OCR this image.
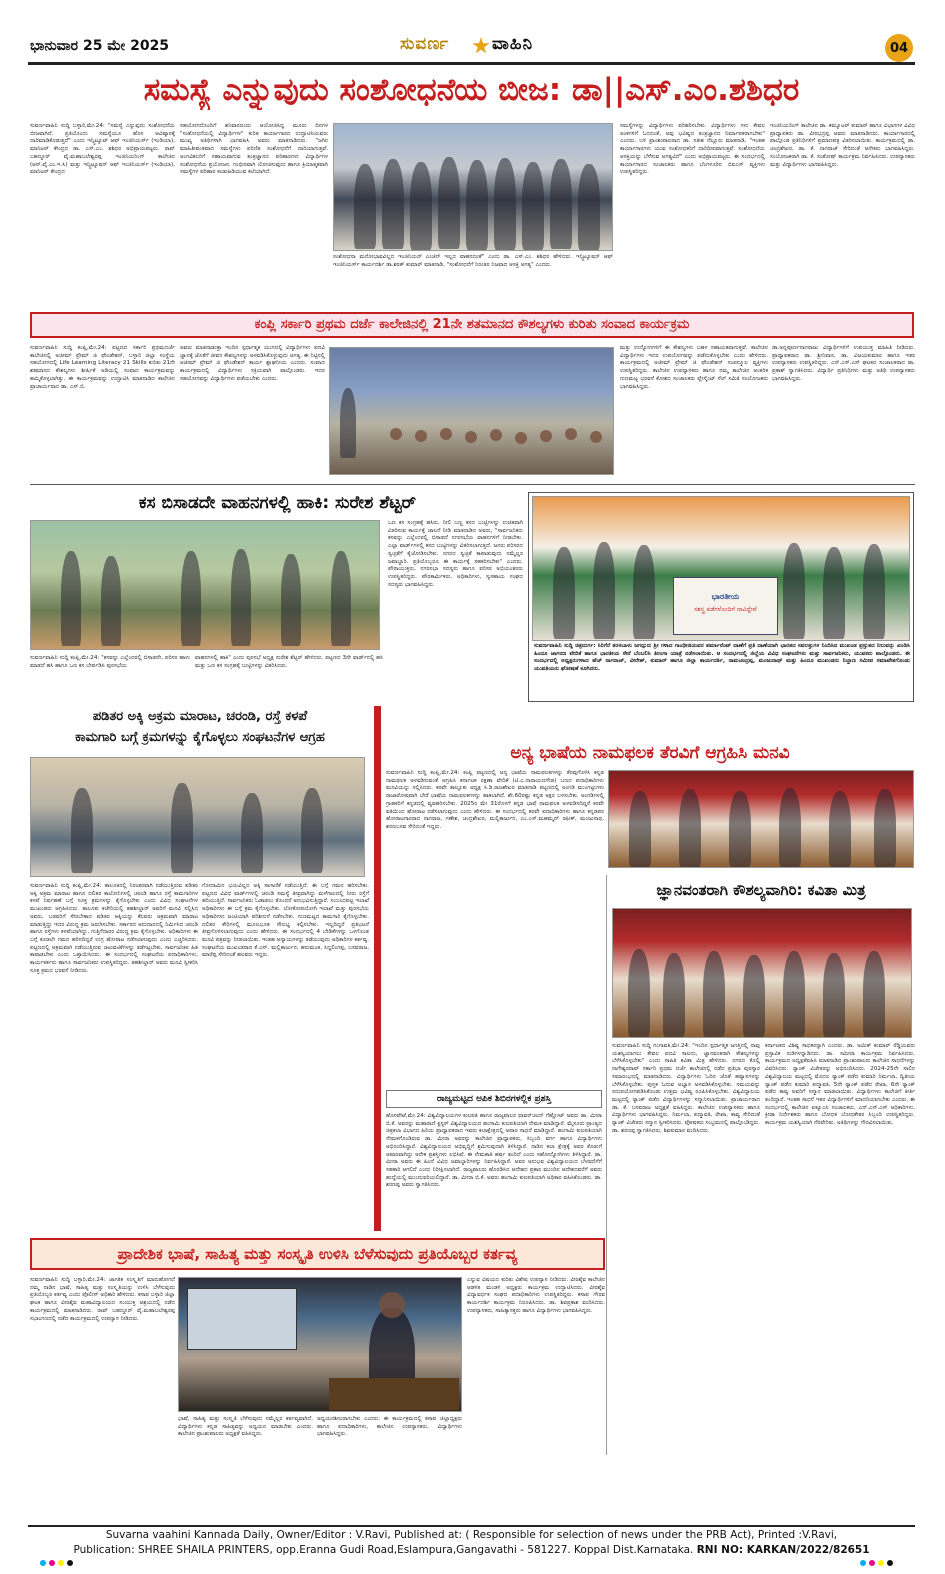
ಭಾನುವಾರ 25 ಮೇ 2025	ಸುವರ್ಣ	ವಾಹಿನಿ	04
ಸಮಸ್ಯೆ ಎನ್ನುವುದು ಸಂಶೋಧನೆಯ ಬೀಜ: ಡಾ||ಎಸ್.ಎಂ.ಶಶಿಧರ
ಸುವರ್ಣವಾಹಿನಿ ಸುದ್ದಿ ಬಳ್ಳಾರಿ,ಮೇ.24: "ಸಮಸ್ಯೆ ಎನ್ನುವುದು ಸಂಶೋಧನೆಯ ಬೀಜವಾಗಿದೆ. ಪ್ರತಿಯೊಂದು ಸಮಸ್ಯೆಯೂ ಹೊಸ ಆವಿಷ್ಕಾರಕ್ಕೆ ದಾರಿಮಾಡಿಕೊಡುತ್ತದೆ" ಎಂದು ಇನ್ಸ್ಟಿಟ್ಯೂಟ್ ಆಫ್ ಇಂಜಿನಿಯರ್ಸ್ (ಇಂಡಿಯಾ), ಮಾನಿಟರ್ ಕೇಂದ್ರದ ಡಾ. ಎಸ್.ಎಂ. ಶಶಿಧರ ಅಭಿಪ್ರಾಯಪಟ್ಟರು. ರಾವ್ ಬಹದ್ದೂರ್ ವೈ.ಮಹಾಬಲೇಶ್ವರಪ್ಪ ಇಂಜಿನಿಯರಿಂಗ್ ಕಾಲೇಜಿನ (ಆರ್.ವೈ.ಎಂ.ಇ.ಸಿ) ಮತ್ತು ಇನ್ಸ್ಟಿಟ್ಯೂಷನ್ ಆಫ್ ಇಂಜಿನಿಯರ್ಸ್ (ಇಂಡಿಯಾ), ಮಾನಿಟರ್ ಕೇಂದ್ರದ
ಸಹಯೋಗದೊಂದಿಗೆ ಶನಿವಾರದಂದು ಆಯೋಜಿಸಿದ್ದ ಮೂರು ದಿನಗಳ "ಸಂಶೋಧನೆಯಲ್ಲಿ ವಿದ್ಯಾರ್ಥಿಗಳ" ಕುರಿತ ಕಾರ್ಯಾಗಾರದ ಉದ್ಘಾಟಿಸಿಯವರು ಮುಖ್ಯ ಅತಿಥಿಗಳಾಗಿ ಭಾಗವಹಿಸಿ ಅವರು ಮಾತನಾಡಿದರು. "ಜಗಿನ ಮಾಹಿತೀವಂತವಾದ ಸಮಸ್ಯೆಗಳು ಪರಿಣಿತ ಸಂಶೋಧನೆಗೆ ದಾರಿಯಾಗುತ್ತವೆ. ಅಂಗವಿಕಲರಿಗೆ ಸಹಾಯವಾಗುವ ತಂತ್ರಜ್ಞಾನದ ಪರಿಹಾರಗಳು ವಿದ್ಯಾರ್ಥಿಗಳ ಸಂಶೋಧನೆಯ ಪ್ರಯೋಜನ. ಗಂಭೀರವಾಗಿ ಯೋಚಿಸುವುದು ಹಾಗೂ ಕ್ರಿಯಾತ್ಮಕವಾಗಿ ಸಮಸ್ಯೆಗಳ ಪರಿಹಾರ ಕಂಡುಹಿಡಿಯುವ ಕಲೆಯಾಗಿದೆ.
ಸಂಶೋಧನಾ ಮನೋಭಾವವಿಲ್ಲದ ಇಂಜಿನಿಯರ್ ಎಂಜಿನ್ ಇಲ್ಲದ ವಾಹನದಂತೆ" ಎಂದು ಡಾ. ಎಸ್.ಎಂ. ಶಶಿಧರ ಹೇಳಿದರು. ಇನ್ಸ್ಟಿಟ್ಯೂಷನ್ ಆಫ್ ಇಂಜಿನಿಯರ್ಸ್ ಕಾರ್ಯದರ್ಶಿ ಡಾ.ಶರತ್ ಕುಮಾರ್ ಮಾತನಾಡಿ, "ಸಂಶೋಧನೆಗೆ ನಿರಂತರ ನಿಜವಾದ ಆಸಕ್ತಿ ಅಗತ್ಯ" ಎಂದರು.
ಸಮಸ್ಯೆಗಳನ್ನು ವಿದ್ಯಾರ್ಥಿಗಳು ಪರಿಹರಿಸಬೇಕು. ವಿದ್ಯಾರ್ಥಿಗಳು ಗಳು ಕೇವಲ ಅಂಕಗಳಿಗೆ ಓದದಂತೆ, ಅವು ಭವಿಷ್ಯದ ತಂತ್ರಜ್ಞಾನದ ನಿರ್ಮಾಪಕರಾಗಬೇಕು" ಎಂದರು. ಬಳಿ ಪ್ರಾಂಶುಪಾಲರಾದ ಡಾ. ಸತೀಶ ನೆಲ್ಲೂರು ಮಾತನಾಡಿ, "ಇಂತಹ ಕಾರ್ಯಾಗಾರಗಳು ಯುವ ಸಂಶೋಧಕರಿಗೆ ದಾರಿದೀಪವಾಗುತ್ತವೆ. ಸಂಶೋಧನೆಯ ಆಸಕ್ತಿಯನ್ನು ಬೆಳೆಸುವ ಅಗತ್ಯವಿದೆ" ಎಂದು ಅಭಿಪ್ರಾಯಪಟ್ಟರು. ಈ ಸಂದರ್ಭದಲ್ಲಿ ಕಾರ್ಯಾಗಾರದ ಸಂಚಾಲಕರು ಹಾಗೂ ಬೆಂಗಳೂರಿನ ಬಿಐಎಸ್ ವ್ಯಕ್ತಿಗಳು ಉಪಸ್ಥಿತರಿದ್ದರು.
ಇಂಜಿನಿಯರಿಂಗ್ ಕಾಲೇಜಿನ ಡಾ. ಕಮ್ಯೂಟರ್ ಕುಮಾರ್ ಹಾಗೂ ವಿಭಾಗಗಳ ವಿವಿಧ ಪ್ರಾಧ್ಯಾಪಕರು ಡಾ. ವೀರಭದ್ರಪ್ಪ ಅವರು ಮಾತನಾಡಿದರು. ಕಾರ್ಯಾಗಾರದಲ್ಲಿ ಪಾಲ್ಗೊಂಡ ಪ್ರತಿನಿಧಿಗಳಿಗೆ ಪ್ರಮಾಣಪತ್ರ ವಿತರಿಸಲಾಯಿತು. ಕಾರ್ಯಕ್ರಮದಲ್ಲಿ ಡಾ. ಚಂದ್ರಶೇಖರ, ಡಾ. ಕೆ. ನಾಗರಾಜ್ ಸೇರಿದಂತೆ ಅನೇಕರು ಭಾಗವಹಿಸಿದ್ದರು. ಸಂಯೋಜಕರಾಗಿ ಡಾ. ಕೆ. ಸಂತೋಷ್ ಕಾರ್ಯಕ್ರಮ ನಿರ್ವಹಿಸಿದರು. ಉಪನ್ಯಾಸಕರು ಮತ್ತು ವಿದ್ಯಾರ್ಥಿಗಳು ಭಾಗವಹಿಸಿದ್ದರು.
ಕಂಪ್ಲಿ ಸರ್ಕಾರಿ ಪ್ರಥಮ ದರ್ಜೆ ಕಾಲೇಜಿನಲ್ಲಿ 21ನೇ ಶತಮಾನದ ಕೌಶಲ್ಯಗಳು ಕುರಿತು ಸಂವಾದ ಕಾರ್ಯಕ್ರಮ
ಸುವರ್ಣವಾಹಿನಿ ಸುದ್ದಿ ಕಂಪ್ಲಿ,ಮೇ.24: ಪಟ್ಟಣದ ಸರ್ಕಾರಿ ಪ್ರಥಮದರ್ಜೆ ಕಾಲೇಜಿನಲ್ಲಿ ಅಜೀಮ್ ಪ್ರೇಮ್ ಜಿ ಫೌಂಡೇಶನ್, ಬಳ್ಳಾರಿ ಜಿಲ್ಲಾ ಸಂಸ್ಥೆಯ ಸಹಯೋಗದಲ್ಲಿ Life Learning Literacy 21 Skills ಕುರಿತು 21ನೇ ಶತಮಾನದ ಕೌಶಲ್ಯಗಳು ಶೀರ್ಷಿಕೆ ಅಡಿಯಲ್ಲಿ ಸಂವಾದ ಕಾರ್ಯಕ್ರಮವನ್ನು ಹಮ್ಮಿಕೊಳ್ಳಲಾಗಿತ್ತು. ಈ ಕಾರ್ಯಕ್ರಮವನ್ನು ಉದ್ಘಾಟಿಸಿ ಮಾತನಾಡಿದ ಕಾಲೇಜಿನ ಪ್ರಾಚಾರ್ಯರಾದ ಡಾ. ಎಸ್.ಬಿ.
ಅವರು ಮಾತನಾಡುತ್ತಾ ಇಂದಿನ ಸ್ಪರ್ಧಾತ್ಮಕ ಯುಗದಲ್ಲಿ ವಿದ್ಯಾರ್ಥಿಗಳು ಪದವಿ ಜ್ಞಾನಕ್ಕೆ ಜೊತೆಗೆ ಜೀವನ ಕೌಶಲ್ಯಗಳನ್ನು ಅಳವಡಿಸಿಕೊಳ್ಳುವುದು ಅಗತ್ಯ. ಈ ನಿಟ್ಟಿನಲ್ಲಿ ಅಜೀಮ್ ಪ್ರೇಮ್ ಜಿ ಫೌಂಡೇಶನ್ ಕಾರ್ಯ ಶ್ಲಾಘನೀಯ ಎಂದರು. ಸಂವಾದ ಕಾರ್ಯಕ್ರಮದಲ್ಲಿ ವಿದ್ಯಾರ್ಥಿಗಳು ಸಕ್ರಿಯವಾಗಿ ಪಾಲ್ಗೊಂಡರು. ಇದರ ಸಹಯೋಗವನ್ನು ವಿದ್ಯಾರ್ಥಿಗಳು ಪಡೆಯಬೇಕು ಎಂದರು.
ಮತ್ತು ಉದ್ಯೋಗಗಳಿಗೆ ಈ ಕೌಶಲ್ಯಗಳು ಬಹಳ ಸಹಾಯಕವಾಗುತ್ತವೆ. ಕಾಲೇಜಿನ ವಿದ್ಯಾರ್ಥಿಗಳು ಇದರ ಉಪಯೋಗವನ್ನು ಪಡೆದುಕೊಳ್ಳಬೇಕು ಎಂದು ಹೇಳಿದರು. ಕಾರ್ಯಕ್ರಮದಲ್ಲಿ ಅಜೀಮ್ ಪ್ರೇಮ್ ಜಿ ಫೌಂಡೇಶನ್ ಸಂಪನ್ಮೂಲ ವ್ಯಕ್ತಿಗಳು ಉಪಸ್ಥಿತರಿದ್ದರು. ಕಾಲೇಜಿನ ಉಪನ್ಯಾಸಕರು ಹಾಗೂ ನಮ್ಮ ಕಾಲೇಜಿನ ಆಂತರಿಕ ಗುಣಮಟ್ಟ ಭರವಸೆ ಕೋಶದ ಸಂಚಾಲಕರು ಪ್ಲೇಸ್ಮೆಂಟ್ ಸೆಲ್ ಸಮಿತಿ ಸಂಯೋಜಕರು ಭಾಗವಹಿಸಿದ್ದರು.
ಡಾ.ಅನ್ನಪೂರ್ಣನಾಗರಾಜು ವಿದ್ಯಾರ್ಥಿಗಳಿಗೆ ಉಪಯುಕ್ತ ಮಾಹಿತಿ ನೀಡಿದರು. ಪ್ರಾಧ್ಯಾಪಕರಾದ ಡಾ. ಶ್ರೀನಿವಾಸ, ಡಾ. ವಿಜಯಕುಮಾರ ಹಾಗೂ ಇತರ ಉಪನ್ಯಾಸಕರು ಉಪಸ್ಥಿತರಿದ್ದರು. ಎನ್.ಎಸ್.ಎಸ್ ಘಟಕದ ಸಂಚಾಲಕರಾದ ಡಾ. ಪ್ರಕಾಶ್ ಸ್ವಾಗತಿಸಿದರು. ವಿದ್ಯಾರ್ಥಿ ಪ್ರತಿನಿಧಿಗಳು ಮತ್ತು ಅತಿಥಿ ಉಪನ್ಯಾಸಕರು ಭಾಗವಹಿಸಿದ್ದರು.
ಕಸ ಬಿಸಾಡದೇ ವಾಹನಗಳಲ್ಲಿ ಹಾಕಿ: ಸುರೇಶ ಶೆಟ್ಟರ್
ಒಣ ಕಸ ಸಂಗ್ರಹಕ್ಕೆ ಹಸಿರು, ನೀಲಿ ಬಣ್ಣ ಕಸದ ಬುಟ್ಟಿಗಳನ್ನು ಉಚಿತವಾಗಿ ವಿತರಿಸುವ ಕಾರ್ಯಕ್ಕೆ ಚಾಲನೆ ನೀಡಿ ಮಾತನಾಡಿದ ಅವರು, "ಸಾರ್ವಜನಿಕರು ಕಸವನ್ನು ಎಲ್ಲೆಂದರಲ್ಲಿ ಬಿಸಾಡದೆ ನಗರಸಭೆಯ ವಾಹನಗಳಿಗೆ ನೀಡಬೇಕು. ಎಲ್ಲಾ ವಾರ್ಡ್‌ಗಳಲ್ಲಿ ಕಸದ ಬುಟ್ಟಿಗಳನ್ನು ವಿತರಿಸಲಾಗುತ್ತದೆ. ಜನರು ಪರಿಸರದ ಸ್ವಚ್ಛತೆಗೆ ಕೈಜೋಡಿಸಬೇಕು. ನಗರದ ಸ್ವಚ್ಛತೆ ಕಾಪಾಡುವುದು ನಮ್ಮೆಲ್ಲರ ಜವಾಬ್ದಾರಿ. ಪ್ರತಿಯೊಬ್ಬರೂ ಈ ಕಾರ್ಯಕ್ಕೆ ಸಹಕರಿಸಬೇಕು" ಎಂದರು. ಪೌರಾಯುಕ್ತರು, ನಗರಸಭಾ ಸದಸ್ಯರು ಹಾಗೂ ಪರಿಸರ ಅಭಿಯಂತರರು ಉಪಸ್ಥಿತರಿದ್ದರು. ಪೌರಕಾರ್ಮಿಕರು, ಅಧಿಕಾರಿಗಳು, ಸ್ವಸಹಾಯ ಸಂಘದ ಸದಸ್ಯರು ಭಾಗವಹಿಸಿದ್ದರು.
ಸುವರ್ಣವಾಹಿನಿ ಸುದ್ದಿ ಕಂಪ್ಲಿ,ಮೇ.24: "ಕಸವನ್ನು ಎಲ್ಲೆಂದರಲ್ಲಿ ಬಿಸಾಡದೇ, ಪರಿಸರ ಹಾಳು ಮಾಡದೆ ಹಸಿ ಹಾಗೂ ಒಣ ಕಸ ಬೇರ್ಪಡಿಸಿ ಪುರಸಭೆಯ
ವಾಹನಗಳಲ್ಲಿ ಹಾಕಿ" ಎಂದು ಪುರಸಭೆ ಅಧ್ಯಕ್ಷ ಸುರೇಶ ಶೆಟ್ಟರ್ ಹೇಳಿದರು. ಪಟ್ಟಣದ 3ನೇ ವಾರ್ಡ್‌ನಲ್ಲಿ ಹಸಿ ಮತ್ತು ಒಣ ಕಸ ಸಂಗ್ರಹಕ್ಕೆ ಬುಟ್ಟಿಗಳನ್ನು ವಿತರಿಸಿದರು.
ಭಾರತೀಯ
ಸಶಸ್ತ್ರ ಪಡೆಗಳೊಂದಿಗೆ ನಾವಿದ್ದೇವೆ
ಸುವರ್ಣವಾಹಿನಿ ಸುದ್ದಿ ಚಿತ್ರದುರ್ಗ: ಸಿರಿಗೆರೆ ತರಳಬಾಳು ಜಗದ್ಗುರು ಶ್ರೀ ಗಳಾದ ಗಾಂಧೀಜಿಯವರ ಪರ್ಮಾನೆಂಟ್ ದಾಣೆಗೆ ಪ್ರತಿ ದಾಣೆಯಾಗಿ ಭಾರತದ ಸವಲತ್ತುಗಳ ನಿಂದಿಸಿದ ಮುಖಂಡ ಪ್ರಸ್ತುತದ ನಿಲುವನ್ನು ಖಂಡಿಸಿ ಹಿಂದೂ ಜಾಗರಣ ವೇದಿಕೆ ಹಾಗೂ ಭಾರತೀಯ ಸೇನೆ ಬೆಂಬಲಿಸಿ ತಿರಂಗಾ ಯಾತ್ರೆ ನಡೆಸಲಾಯಿತು. ಆ ಸಂದರ್ಭದಲ್ಲಿ ಜಿಲ್ಲೆಯ ವಿವಿಧ ಸಂಘಟನೆಗಳು ಮತ್ತು ಸಾರ್ವಜನಿಕರು, ಯುವಕರು ಪಾಲ್ಗೊಂಡರು. ಈ ಸಂದರ್ಭದಲ್ಲಿ ಅಧ್ಯಕ್ಷರುಗಳಾದ ಹೆಚ್ ನಾಗರಾಜ್, ವೀರೇಶ್, ಕುಮಾರ್ ಹಾಗೂ ಜಿಲ್ಲಾ ಕಾರ್ಯದರ್ಶಿ, ರಾಮಚಂದ್ರಪ್ಪ, ಮಂಜುನಾಥ್ ಮತ್ತು ಹಿಂದೂ ಮುಖಂಡರು ನಿಲ್ದಾಣ ಸಮೀಪ ಸಮಾವೇಶಗೊಂಡು ಯುವತಿಯರು ಘೋಷಣೆ ಕೂಗಿದರು.
ಪಡಿತರ ಅಕ್ಕಿ ಅಕ್ರಮ ಮಾರಾಟ, ಚರಂಡಿ, ರಸ್ತೆ ಕಳಪೆ
ಕಾಮಗಾರಿ ಬಗ್ಗೆ ಕ್ರಮಗಳನ್ನು ಕೈಗೊಳ್ಳಲು ಸಂಘಟನೆಗಳ ಆಗ್ರಹ
ಸುವರ್ಣವಾಹಿನಿ ಸುದ್ದಿ ಕಂಪ್ಲಿ,ಮೇ.24: ತಾಲೂಕಿನಲ್ಲಿ ನಿರಂತರವಾಗಿ ನಡೆಯುತ್ತಿರುವ ಪಡಿತರ ಅಕ್ಕಿ ಅಕ್ರಮ ಮಾರಾಟ ಹಾಗೂ ದಲಿತರ ಕಾಲೋನಿಗಳಲ್ಲಿ ಚರಂಡಿ ಹಾಗೂ ರಸ್ತೆ ಕಾಮಗಾರಿಗಳ ಕಳಪೆ ನಿರ್ವಹಣೆ ಬಗ್ಗೆ ಸೂಕ್ತ ಕ್ರಮಗಳನ್ನು ಕೈಗೊಳ್ಳಬೇಕು ಎಂದು ವಿವಿಧ ಸಂಘಟನೆಗಳ ಮುಖಂಡರು ಆಗ್ರಹಿಸಿದರು. ತಾಲೂಕು ಕಚೇರಿಯಲ್ಲಿ ತಹಶೀಲ್ದಾರ್ ಅವರಿಗೆ ಮನವಿ ಸಲ್ಲಿಸಿದ ಅವರು, ಬಡವರಿಗೆ ಸೇರಬೇಕಾದ ಪಡಿತರ ಅಕ್ಕಿಯನ್ನು ಕೆಲವರು ಅಕ್ರಮವಾಗಿ ಮಾರಾಟ ಮಾಡುತ್ತಿದ್ದು ಇದರ ವಿರುದ್ಧ ಕ್ರಮ ಜರುಗಿಸಬೇಕು. ಸರ್ಕಾರದ ಅನುದಾನದಲ್ಲಿ ನಿರ್ಮಿಸಿದ ಚರಂಡಿ ಹಾಗೂ ರಸ್ತೆಗಳು ಕಳಪೆಯಾಗಿದ್ದು, ಗುತ್ತಿಗೆದಾರರ ವಿರುದ್ಧ ಕ್ರಮ ಕೈಗೊಳ್ಳಬೇಕು. ಅಧಿಕಾರಿಗಳು ಈ ಬಗ್ಗೆ ಕೂಡಲೇ ಗಮನ ಹರಿಸದಿದ್ದರೆ ಉಗ್ರ ಹೋರಾಟ ನಡೆಸಲಾಗುವುದು ಎಂದು ಎಚ್ಚರಿಸಿದರು. ಪಟ್ಟಣದಲ್ಲಿ ಅಕ್ರಮವಾಗಿ ನಡೆಯುತ್ತಿರುವ ಚಟುವಟಿಕೆಗಳನ್ನು ತಡೆಗಟ್ಟಬೇಕು, ಸಾರ್ವಜನಿಕರ ಹಿತ ಕಾಪಾಡಬೇಕು ಎಂದು ಒತ್ತಾಯಿಸಿದರು. ಈ ಸಂದರ್ಭದಲ್ಲಿ ಸಂಘಟನೆಯ ಪದಾಧಿಕಾರಿಗಳು, ಕಾರ್ಯಕರ್ತರು ಹಾಗೂ ಸಾರ್ವಜನಿಕರು ಉಪಸ್ಥಿತರಿದ್ದರು. ತಹಶೀಲ್ದಾರ್ ಅವರು ಮನವಿ ಸ್ವೀಕರಿಸಿ ಸೂಕ್ತ ಕ್ರಮದ ಭರವಸೆ ನೀಡಿದರು.
ಗೋದಾಮಿನ ಭಯವಿಲ್ಲದ ಅಕ್ಕಿ ಸಾಗಾಣಿಕೆ ನಡೆಯುತ್ತಿದೆ. ಈ ಬಗ್ಗೆ ಗಮನ ಹರಿಸಬೇಕು. ಪಟ್ಟಣದ ವಿವಿಧ ವಾರ್ಡ್‌ಗಳಲ್ಲಿ ಚರಂಡಿ ಸಮಸ್ಯೆ ತೀವ್ರವಾಗಿದ್ದು ಮಳೆಗಾಲದಲ್ಲಿ ನೀರು ರಸ್ತೆಗೆ ಹರಿಯುತ್ತಿದೆ. ಸಾರ್ವಜನಿಕರು ಓಡಾಡಲು ತೊಂದರೆ ಅನುಭವಿಸುತ್ತಿದ್ದಾರೆ. ಸಂಬಂಧಪಟ್ಟ ಇಲಾಖೆ ಅಧಿಕಾರಿಗಳು ಈ ಬಗ್ಗೆ ಕ್ರಮ ಕೈಗೊಳ್ಳಬೇಕು. ಲೋಕೋಪಯೋಗಿ ಇಲಾಖೆ ಮತ್ತು ಪುರಸಭೆಯ ಅಧಿಕಾರಿಗಳು ಜಂಟಿಯಾಗಿ ಪರಿಶೀಲನೆ ನಡೆಸಬೇಕು. ಗುಣಮಟ್ಟದ ಕಾಮಗಾರಿ ಕೈಗೊಳ್ಳಬೇಕು. ದಲಿತರ ಕೇರಿಗಳಲ್ಲಿ ಮೂಲಭೂತ ಸೌಲಭ್ಯ ಕಲ್ಪಿಸಬೇಕು. ಇಲ್ಲದಿದ್ದರೆ ಪ್ರತಿಭಟನೆ ತೀವ್ರಗೊಳಿಸಲಾಗುವುದು ಎಂದು ಹೇಳಿದರು. ಈ ಸಂದರ್ಭದಲ್ಲಿ 4 ಬೇಡಿಕೆಗಳನ್ನು ಒಳಗೊಂಡ ಮನವಿ ಪತ್ರವನ್ನು ನೀಡಲಾಯಿತು. ಇಂತಹ ಅನ್ಯಾಯಗಳನ್ನು ತಡೆಯುವುದು ಅಧಿಕಾರಿಗಳ ಕರ್ತವ್ಯ. ಸಂಘಟನೆಯ ಮುಖಂಡರಾದ ಕೆ.ಎಸ್. ಮಲ್ಲಿಕಾರ್ಜುನ, ಹನುಮಂತ, ಸಿದ್ದಲಿಂಗಪ್ಪ, ಬಸವರಾಜ, ಮಾರೆಪ್ಪ ಸೇರಿದಂತೆ ಹಲವರು ಇದ್ದರು.
ಅನ್ಯ ಭಾಷೆಯ ನಾಮಫಲಕ ತೆರವಿಗೆ ಆಗ್ರಹಿಸಿ ಮನವಿ
ಸುವರ್ಣವಾಹಿನಿ ಸುದ್ದಿ ಕಂಪ್ಲಿ,ಮೇ.24: ಕಂಪ್ಲಿ ಪಟ್ಟಣದಲ್ಲಿ ಅನ್ಯ ಭಾಷೆಯ ನಾಮಫಲಕಗಳನ್ನು ತೆರವುಗೊಳಿಸಿ ಕನ್ನಡ ನಾಮಫಲಕ ಅಳವಡಿಸುವಂತೆ ಆಗ್ರಹಿಸಿ ಕರ್ನಾಟಕ ರಕ್ಷಣಾ ವೇದಿಕೆ (ಟಿ.ಎ.ನಾರಾಯಣಗೌಡ) ಬಣದ ಪದಾಧಿಕಾರಿಗಳು ಮನವಿಯನ್ನು ಸಲ್ಲಿಸಿದರು. ಕರವೇ ತಾಲ್ಲೂಕು ಅಧ್ಯಕ್ಷ ಸಿ.ಡಿ.ರಾಜಶೇಖರ ಮಾತನಾಡಿ ಪಟ್ಟಣದಲ್ಲಿ ಅಂಗಡಿ ಮುಂಗಟ್ಟುಗಳು ರಾಜಾರೋಷವಾಗಿ ಬೇರೆ ಭಾಷೆಯ ನಾಮಫಲಕಗಳನ್ನು ಹಾಕಲಾಗಿದೆ. ಶೇ.60ರಷ್ಟು ಕನ್ನಡ ಅಕ್ಷರ ಬಳಸಬೇಕು. ಅಂಗಡಿಗಳಲ್ಲಿ ಗ್ರಾಹಕರಿಗೆ ಕನ್ನಡದಲ್ಲಿ ವ್ಯವಹರಿಸಬೇಕು. 2025ರ ಮೇ 31ರೊಳಗೆ ಕನ್ನಡ ಭಾಷೆ ನಾಮಫಲಕ ಅಳವಡಿಸದಿದ್ದರೆ ಕರವೇ ವತಿಯಿಂದ ಹೋರಾಟ ನಡೆಸಲಾಗುವುದು ಎಂದು ಹೇಳಿದರು. ಈ ಸಂದರ್ಭದಲ್ಲಿ ಕರವೇ ಪದಾಧಿಕಾರಿಗಳು ಹಾಗೂ ಕನ್ನಡಪರ ಹೋರಾಟಗಾರರಾದ ನಾಗರಾಜ, ಗಣೇಶ, ಚಂದ್ರಶೇಖರ, ಮಲ್ಲಿಕಾರ್ಜುನ, ಎಂ.ಎಸ್.ಮಹಮ್ಮದ್ ರಫೀಕ್, ಮಂಜುನಾಥ, ಶರಣಬಸವ ಸೇರಿದಂತೆ ಇದ್ದರು.
ಜ್ಞಾನವಂತರಾಗಿ ಕೌಶಲ್ಯವಾಗಿರಿ: ಕವಿತಾ ಮಿತ್ರ
ಸುವರ್ಣವಾಹಿನಿ ಸುದ್ದಿ ಗಂಗಾವತಿ,ಮೇ.24: "ಇಂದಿನ ಸ್ಪರ್ಧಾತ್ಮಕ ಜಗತ್ತಿನಲ್ಲಿ ನಾವು ಯಶಸ್ವಿಯಾಗಲು ಕೇವಲ ಪದವಿ ಸಾಲದು, ಜ್ಞಾನವಂತರಾಗಿ ಕೌಶಲ್ಯಗಳನ್ನು ಬೆಳೆಸಿಕೊಳ್ಳಬೇಕು" ಎಂದು ಸಾಹಿತಿ ಕವಿತಾ ಮಿತ್ರ ಹೇಳಿದರು. ನಗರದ ಕೊಲ್ಲಿ ನಾಗೇಶ್ವರರಾವ್ ಸರ್ಕಾರಿ ಪ್ರಥಮ ದರ್ಜೆ ಕಾಲೇಜಿನಲ್ಲಿ ನಡೆದ ಪ್ರತಿಭಾ ಪುರಸ್ಕಾರ ಸಮಾರಂಭದಲ್ಲಿ ಮಾತನಾಡಿದರು. ವಿದ್ಯಾರ್ಥಿಗಳು ಓದಿನ ಜೊತೆ ಹವ್ಯಾಸಗಳನ್ನು ಬೆಳೆಸಿಕೊಳ್ಳಬೇಕು. ಪುಸ್ತಕ ಓದುವ ಅಭ್ಯಾಸ ಅಳವಡಿಸಿಕೊಳ್ಳಬೇಕು. ಸಮಯವನ್ನು ಸದುಪಯೋಗಪಡಿಸಿಕೊಂಡು ಉತ್ತಮ ಭವಿಷ್ಯ ರೂಪಿಸಿಕೊಳ್ಳಬೇಕು. ವಿಶ್ವವಿದ್ಯಾಲಯ ಮಟ್ಟದಲ್ಲಿ ರ‍್ಯಾಂಕ್ ಪಡೆದ ವಿದ್ಯಾರ್ಥಿಗಳನ್ನು ಸನ್ಮಾನಿಸಲಾಯಿತು. ಪ್ರಾಚಾರ್ಯರಾದ ಡಾ. ಕೆ. ಬಸವರಾಜ ಅಧ್ಯಕ್ಷತೆ ವಹಿಸಿದ್ದರು. ಕಾಲೇಜಿನ ಉಪನ್ಯಾಸಕರು ಹಾಗೂ ವಿದ್ಯಾರ್ಥಿಗಳು ಭಾಗವಹಿಸಿದ್ದರು. ನಿರ್ಮಲಾ, ಪದ್ಮಾವತಿ, ರೇಖಾ, ಕಾವ್ಯ ಸೇರಿದಂತೆ ರ‍್ಯಾಂಕ್ ವಿಜೇತರು ಸನ್ಮಾನ ಸ್ವೀಕರಿಸಿದರು. ಪೋಷಕರು ಸಂಭ್ರಮದಲ್ಲಿ ಪಾಲ್ಗೊಂಡಿದ್ದರು. ಡಾ. ಶರಣಪ್ಪ ಸ್ವಾಗತಿಸಿದರು, ಶಿವಕುಮಾರ ವಂದಿಸಿದರು.
ಕರ್ನಾಟಕದ ವಿಶಿಷ್ಟ ಸಾಧಕರನ್ನಾಗಿ ಎಂದರು. ಡಾ. ಅಮಿತ್ ಕುಮಾರ್ ರೆಡ್ಡಿಯವರು ಪ್ರಸ್ತಾವಿಕ ನುಡಿಗಳನ್ನಾಡಿದರು. ಡಾ. ಸಮೀರಾ ಕಾರ್ಯಕ್ರಮ ನಿರ್ವಹಿಸಿದರು. ಕಾರ್ಯಕ್ರಮದ ಅಧ್ಯಕ್ಷತೆವಹಿಸಿ ಮಾತನಾಡಿದ ಪ್ರಾಂಶುಪಾಲರು ಕಾಲೇಜಿನ ಸಾಧನೆಗಳನ್ನು ವಿವರಿಸಿದರು. ರ‍್ಯಾಂಕ್ ವಿಜೇತರನ್ನು ಅಭಿನಂದಿಸಿದರು. 2024-25ನೇ ಸಾಲಿನ ವಿಶ್ವವಿದ್ಯಾಲಯ ಮಟ್ಟದಲ್ಲಿ ಮೊದಲ ರ‍್ಯಾಂಕ್ ಪಡೆದ ಕುಮಾರಿ ನಿರ್ಮಲಾ, ದ್ವಿತೀಯ ರ‍್ಯಾಂಕ್ ಪಡೆದ ಕುಮಾರಿ ಪದ್ಮಾವತಿ, 5ನೇ ರ‍್ಯಾಂಕ್ ಪಡೆದ ರೇಖಾ, 6ನೇ ರ‍್ಯಾಂಕ್ ಪಡೆದ ಕಾವ್ಯ ಅವರಿಗೆ ಸನ್ಮಾನ ಮಾಡಲಾಯಿತು. ವಿದ್ಯಾರ್ಥಿಗಳು ಕಾಲೇಜಿಗೆ ಕೀರ್ತಿ ತಂದಿದ್ದಾರೆ. ಇಂತಹ ಸಾಧನೆ ಇತರ ವಿದ್ಯಾರ್ಥಿಗಳಿಗೆ ಮಾದರಿಯಾಗಬೇಕು ಎಂದರು. ಈ ಸಂದರ್ಭದಲ್ಲಿ ಕಾಲೇಜಿನ ಐಕ್ಯೂಎಸಿ ಸಂಚಾಲಕರು, ಎನ್.ಎಸ್.ಎಸ್ ಅಧಿಕಾರಿಗಳು, ಕ್ರೀಡಾ ನಿರ್ದೇಶಕರು ಹಾಗೂ ಬೋಧಕ ಬೋಧಕೇತರ ಸಿಬ್ಬಂದಿ ಉಪಸ್ಥಿತರಿದ್ದರು. ಕಾರ್ಯಕ್ರಮ ಯಶಸ್ವಿಯಾಗಿ ನೆರವೇರಿತು. ಅತಿಥಿಗಳನ್ನು ಗೌರವಿಸಲಾಯಿತು.
ರಾಜ್ಯಮಟ್ಟದ ಅಪಿಕ ಶಿಬಿರಗಳಲ್ಲಿಕ ಪ್ರಶಸ್ತಿ
ಹೊಸಪೇಟೆ,ಮೇ.24: ವಿಶ್ವವಿದ್ಯಾಲಯಗಳ ಕುಲಪತಿ ಹಾಗೂ ರಾಜ್ಯಪಾಲರ ಥಾವರ್‌ಚಂದ್ ಗೆಹ್ಲೋಟ್ ಅವರು ಡಾ. ಮೀರಾ ಬಿ.ಕೆ. ಅವರನ್ನು ಮಹಾರಾಣಿ ಕ್ಲಸ್ಟರ್ ವಿಶ್ವವಿದ್ಯಾಲಯದ ಹಂಗಾಮಿ ಕುಲಪತಿಯಾಗಿ ನೇಮಕ ಮಾಡಿದ್ದಾರೆ. ಮೈಸೂರು ಪ್ರಾಂತ್ಯದ ಚಿತ್ರಕಲಾ ವಿಭಾಗದ ಹಿರಿಯ ಪ್ರಾಧ್ಯಾಪಕರಾದ ಇವರು ಕಲಾಕ್ಷೇತ್ರದಲ್ಲಿ ಅಪಾರ ಸಾಧನೆ ಮಾಡಿದ್ದಾರೆ. ಹಂಗಾಮಿ ಕುಲಪತಿಯಾಗಿ ನೇಮಕಗೊಂಡಿರುವ ಡಾ. ಮೀರಾ ಅವರನ್ನು ಕಾಲೇಜಿನ ಪ್ರಾಧ್ಯಾಪಕರು, ಸಿಬ್ಬಂದಿ ವರ್ಗ ಹಾಗೂ ವಿದ್ಯಾರ್ಥಿಗಳು ಅಭಿನಂದಿಸಿದ್ದಾರೆ. ವಿಶ್ವವಿದ್ಯಾಲಯದ ಅಭಿವೃದ್ಧಿಗೆ ಶ್ರಮಿಸುವುದಾಗಿ ತಿಳಿಸಿದ್ದಾರೆ. ನಾಡಿನ ಕಲಾ ಕ್ಷೇತ್ರಕ್ಕೆ ಅವರ ಕೊಡುಗೆ ಅಪಾರವಾಗಿದ್ದು ಅನೇಕ ಪ್ರಶಸ್ತಿಗಳು ಲಭಿಸಿವೆ. ಈ ನೇಮಕಾತಿ ಹರ್ಷ ತಂದಿದೆ ಎಂದು ಸಹೋದ್ಯೋಗಿಗಳು ತಿಳಿಸಿದ್ದಾರೆ. ಡಾ. ಮೀರಾ ಅವರು ಈ ಹಿಂದೆ ವಿವಿಧ ಜವಾಬ್ದಾರಿಗಳನ್ನು ನಿರ್ವಹಿಸಿದ್ದಾರೆ. ಅವರ ಅನುಭವ ವಿಶ್ವವಿದ್ಯಾಲಯದ ಬೆಳವಣಿಗೆಗೆ ಸಹಕಾರಿ ಆಗಲಿದೆ ಎಂದು ನಿರೀಕ್ಷಿಸಲಾಗಿದೆ. ರಾಜ್ಯಪಾಲರು ಹೊರಡಿಸಿದ ಆದೇಶದ ಪ್ರಕಾರ ಮುಂದಿನ ಆದೇಶದವರೆಗೆ ಅವರು ಹುದ್ದೆಯಲ್ಲಿ ಮುಂದುವರಿಯಲಿದ್ದಾರೆ. ಡಾ. ಮೀರಾ ಬಿ.ಕೆ. ಅವರು ಹಂಗಾಮಿ ಕುಲಪತಿಯಾಗಿ ಅಧಿಕಾರ ವಹಿಸಿಕೊಂಡರು. ಡಾ. ಶರಣಪ್ಪ ಅವರು ಸ್ವಾಗತಿಸಿದರು.
ಪ್ರಾದೇಶಿಕ ಭಾಷೆ, ಸಾಹಿತ್ಯ ಮತ್ತು ಸಂಸ್ಕೃತಿ ಉಳಿಸಿ ಬೆಳೆಸುವುದು ಪ್ರತಿಯೊಬ್ಬರ ಕರ್ತವ್ಯ
ಸುವರ್ಣವಾಹಿನಿ ಸುದ್ದಿ ಬಳ್ಳಾರಿ,ಮೇ.24: ಜಾಗತಿಕ ಸಂಸ್ಕೃತಿಗೆ ಮಾರುಹೋಗದೆ ನಮ್ಮ ನಾಡಿನ ಭಾಷೆ, ಸಾಹಿತ್ಯ ಮತ್ತು ಸಂಸ್ಕೃತಿಯನ್ನು ಉಳಿಸಿ ಬೆಳೆಸುವುದು ಪ್ರತಿಯೊಬ್ಬರ ಕರ್ತವ್ಯ ಎಂದು ಪೊಲೀಸ್ ಅಧಿಕಾರಿ ಹೇಳಿದರು. ಕಸಾಪ ಬಳ್ಳಾರಿ ಜಿಲ್ಲಾ ಘಟಕ ಹಾಗೂ ವೀರಶೈವ ಮಹಾವಿದ್ಯಾಲಯದ ಸಂಯುಕ್ತ ಆಶ್ರಯದಲ್ಲಿ ನಡೆದ ಕಾರ್ಯಕ್ರಮದಲ್ಲಿ ಮಾತನಾಡಿದರು. ರಾವ್ ಬಹದ್ದೂರ್ ವೈ.ಮಹಾಬಲೇಶ್ವರಪ್ಪ ಸಭಾಂಗಣದಲ್ಲಿ ನಡೆದ ಕಾರ್ಯಕ್ರಮದಲ್ಲಿ ಉಪನ್ಯಾಸ ನೀಡಿದರು.
ಭಾಷೆ, ಸಾಹಿತ್ಯ ಮತ್ತು ಸಂಸ್ಕೃತಿ ಬೆಳೆಸುವುದು ನಮ್ಮೆಲ್ಲರ ಕರ್ತವ್ಯವಾಗಿದೆ. ವಿದ್ಯಾರ್ಥಿಗಳು ಕನ್ನಡ ಸಾಹಿತ್ಯವನ್ನು ಅಧ್ಯಯನ ಮಾಡಬೇಕು ಎಂದರು. ಕಾಲೇಜಿನ ಪ್ರಾಂಶುಪಾಲರು ಅಧ್ಯಕ್ಷತೆ ವಹಿಸಿದ್ದರು.
ಅಧ್ಯಯನಶೀಲರಾಗಬೇಕು ಎಂದರು. ಈ ಕಾರ್ಯಕ್ರಮದಲ್ಲಿ ಕಸಾಪ ಜಿಲ್ಲಾಧ್ಯಕ್ಷರು ಹಾಗೂ ಪದಾಧಿಕಾರಿಗಳು, ಕಾಲೇಜಿನ ಉಪನ್ಯಾಸಕರು, ವಿದ್ಯಾರ್ಥಿಗಳು ಭಾಗವಹಿಸಿದ್ದರು.
ಎನ್ನುವ ವಿಷಯದ ಕುರಿತು ವಿಶೇಷ ಉಪನ್ಯಾಸ ನೀಡಿದರು. ವೀರಶೈವ ಕಾಲೇಜಿನ ಆಡಳಿತ ಮಂಡಳಿ ಅಧ್ಯಕ್ಷರು ಕಾರ್ಯಕ್ರಮ ಉದ್ಘಾಟಿಸಿದರು. ವೀರಶೈವ ವಿದ್ಯಾವರ್ಧಕ ಸಂಘದ ಪದಾಧಿಕಾರಿಗಳು ಉಪಸ್ಥಿತರಿದ್ದರು. ಕಸಾಪ ಗೌರವ ಕಾರ್ಯದರ್ಶಿ ಕಾರ್ಯಕ್ರಮ ನಿರೂಪಿಸಿದರು. ಡಾ. ಶಿವಪ್ರಕಾಶ ವಂದಿಸಿದರು. ಉಪನ್ಯಾಸಕರು, ಸಾಹಿತ್ಯಾಸಕ್ತರು ಹಾಗೂ ವಿದ್ಯಾರ್ಥಿಗಳು ಭಾಗವಹಿಸಿದ್ದರು.
Suvarna vaahini Kannada Daily, Owner/Editor : V.Ravi, Published at: ( Responsible for selection of news under the PRB Act), Printed :V.Ravi,
Publication: SHREE SHAILA PRINTERS, opp.Eranna Gudi Road,Eslampura,Gangavathi - 581227. Koppal Dist.Karnataka. RNI NO: KARKAN/2022/82651
